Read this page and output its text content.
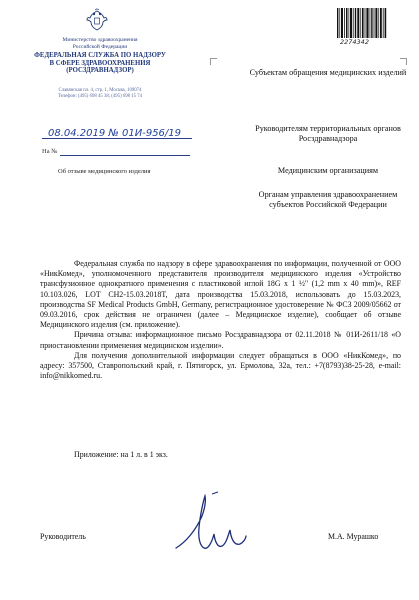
Министерство здравоохранения
Российской Федерации
ФЕДЕРАЛЬНАЯ СЛУЖБА ПО НАДЗОРУ
В СФЕРЕ ЗДРАВООХРАНЕНИЯ
(РОСЗДРАВНАДЗОР)
Славянская пл. 4, стр. 1, Москва, 109074
Телефон: (495) 698 45 38; (495) 698 15 74
08.04.2019 № 01И-956/19
На №
Об отзыве медицинского изделия
2274342
Субъектам обращения медицинских изделий
Руководителям территориальных органов Росздравнадзора
Медицинским организациям
Органам управления здравоохранением субъектов Российской Федерации

Федеральная служба по надзору в сфере здравоохранения по информации, полученной от ООО «НикКомед», уполномоченного представителя производителя медицинского изделия «Устройство трансфузионное однократного применения с пластиковой иглой 18G х 1 ½" (1,2 mm х 40 mm)», REF 10.103.026, LOT CH2-15.03.2018T, дата производства 15.03.2018, использовать до 15.03.2023, производства SF Medical Products GmbH, Germany, регистрационное удостоверение № ФСЗ 2009/05662 от 09.03.2016, срок действия не ограничен (далее – Медицинское изделие), сообщает об отзыве Медицинского изделия (см. приложение).

Причина отзыва: информационное письмо Росздравнадзора от 02.11.2018 № 01И-2611/18 «О приостановлении применения медицинском изделии».

Для получения дополнительной информации следует обращаться в ООО «НикКомед», по адресу: 357500, Ставропольский край, г. Пятигорск, ул. Ермолова, 32а, тел.: +7(8793)38-25-28, e-mail: info@nikkomed.ru.

Приложение: на 1 л. в 1 экз.
Руководитель	М.А. Мурашко
